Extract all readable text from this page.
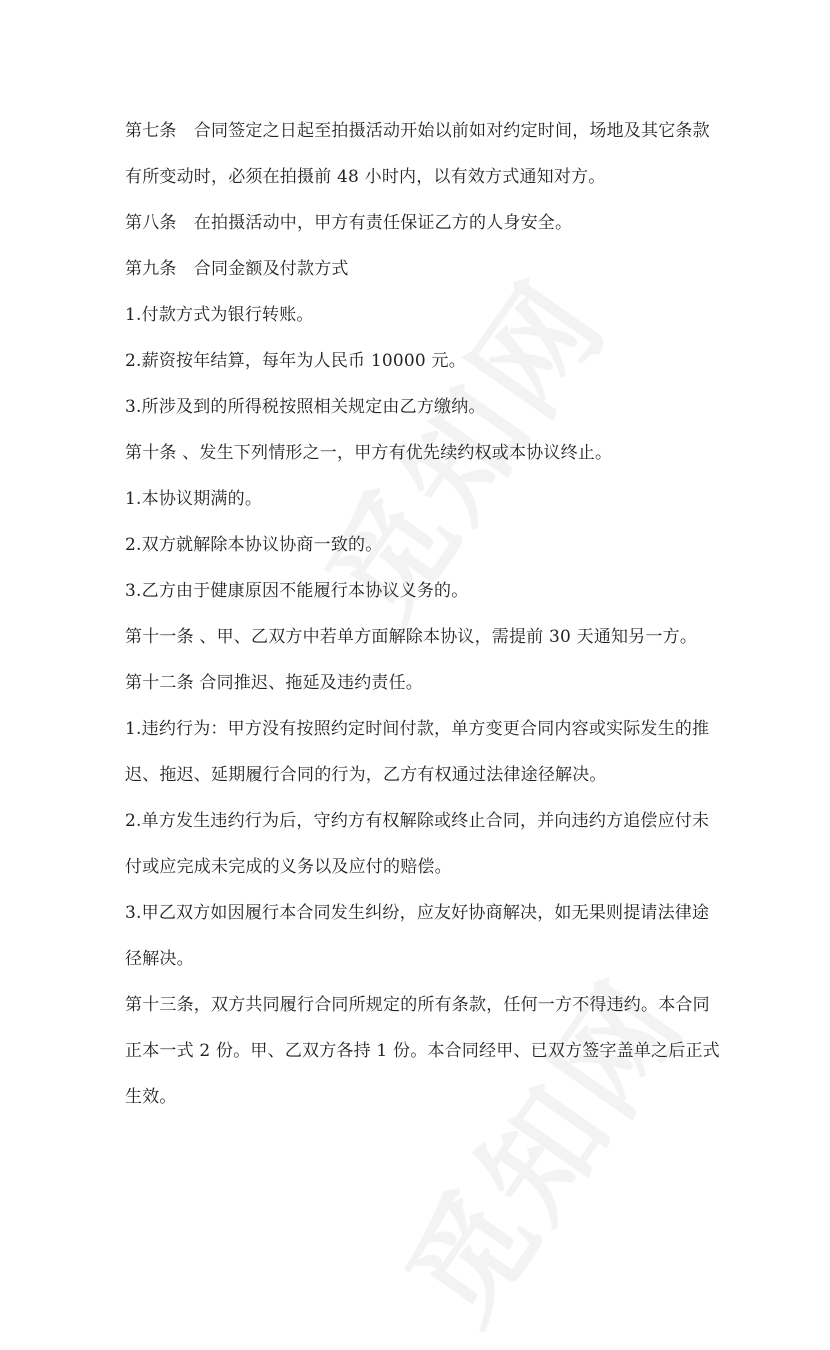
第七条　合同签定之日起至拍摄活动开始以前如对约定时间，场地及其它条款
有所变动时，必须在拍摄前 48 小时内，以有效方式通知对方。
第八条　在拍摄活动中，甲方有责任保证乙方的人身安全。
第九条　合同金额及付款方式
1.付款方式为银行转账。
2.薪资按年结算，每年为人民币 10000 元。
3.所涉及到的所得税按照相关规定由乙方缴纳。
第十条 、发生下列情形之一，甲方有优先续约权或本协议终止。
1.本协议期满的。
2.双方就解除本协议协商一致的。
3.乙方由于健康原因不能履行本协议义务的。
第十一条 、甲、乙双方中若单方面解除本协议，需提前 30 天通知另一方。
第十二条 合同推迟、拖延及违约责任。
1.违约行为：甲方没有按照约定时间付款，单方变更合同内容或实际发生的推
迟、拖迟、延期履行合同的行为，乙方有权通过法律途径解决。
2.单方发生违约行为后，守约方有权解除或终止合同，并向违约方追偿应付未
付或应完成未完成的义务以及应付的赔偿。
3.甲乙双方如因履行本合同发生纠纷，应友好协商解决，如无果则提请法律途
径解决。
第十三条，双方共同履行合同所规定的所有条款，任何一方不得违约。本合同
正本一式 2 份。甲、乙双方各持 1 份。本合同经甲、已双方签字盖单之后正式
生效。
